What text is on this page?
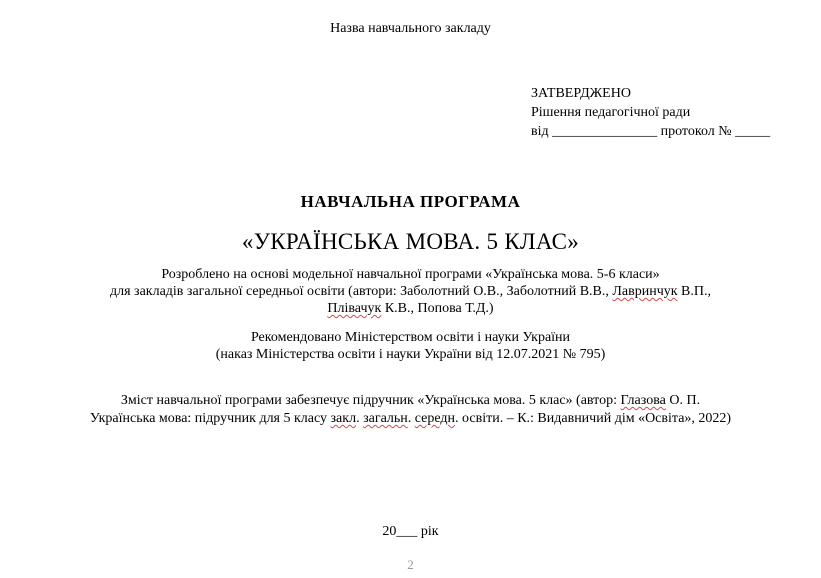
Назва навчального закладу
ЗАТВЕРДЖЕНО
Рішення педагогічної ради
від _______________ протокол № _____
НАВЧАЛЬНА ПРОГРАМА
«УКРАЇНСЬКА МОВА. 5 КЛАС»
Розроблено на основі модельної навчальної програми «Українська мова. 5-6 класи»
для закладів загальної середньої освіти (автори: Заболотний О.В., Заболотний В.В., Лавринчук В.П.,
Плівачук К.В., Попова Т.Д.)
Рекомендовано Міністерством освіти і науки України
(наказ Міністерства освіти і науки України від 12.07.2021 № 795)
Зміст навчальної програми забезпечує підручник «Українська мова. 5 клас» (автор: Глазова О. П.
Українська мова: підручник для 5 класу закл. загальн. середн. освіти. – К.: Видавничий дім «Освіта», 2022)
20___ рік
2
